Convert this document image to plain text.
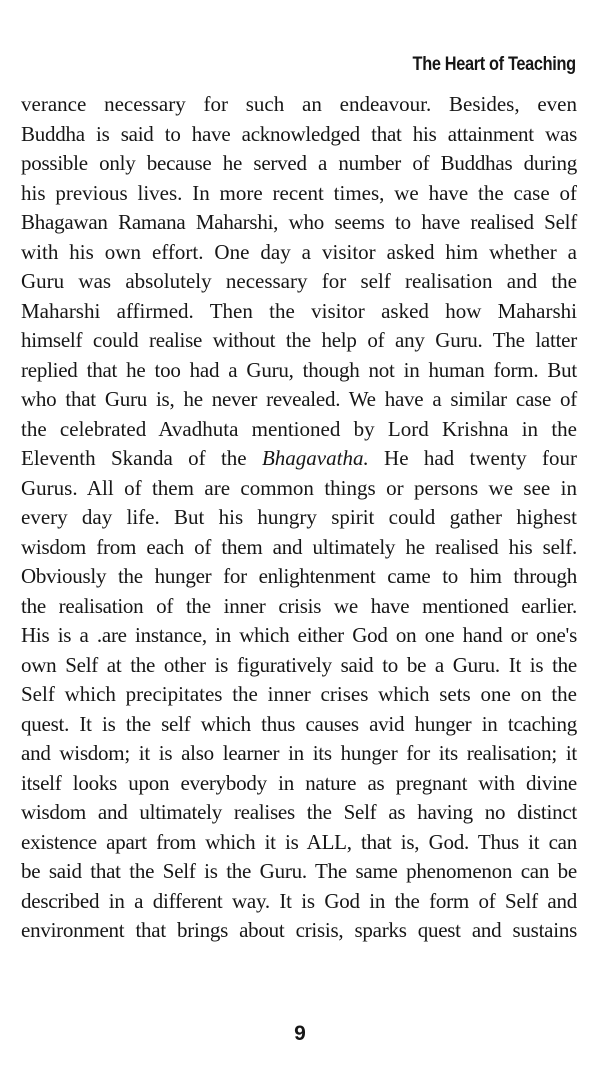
The Heart of Teaching
verance necessary for such an endeavour. Besides, even
Buddha is said to have acknowledged that his attainment was
possible only because he served a number of Buddhas during
his previous lives. In more recent times, we have the case of
Bhagawan Ramana Maharshi, who seems to have realised Self
with his own effort. One day a visitor asked him whether a
Guru was absolutely necessary for self realisation and the
Maharshi affirmed. Then the visitor asked how Maharshi
himself could realise without the help of any Guru. The latter
replied that he too had a Guru, though not in human form. But
who that Guru is, he never revealed. We have a similar case of
the celebrated Avadhuta mentioned by Lord Krishna in the
Eleventh Skanda of the Bhagavatha. He had twenty four
Gurus. All of them are common things or persons we see in
every day life. But his hungry spirit could gather highest
wisdom from each of them and ultimately he realised his self.
Obviously the hunger for enlightenment came to him through
the realisation of the inner crisis we have mentioned earlier.
His is a .are instance, in which either God on one hand or one's
own Self at the other is figuratively said to be a Guru. It is the
Self which precipitates the inner crises which sets one on the
quest. It is the self which thus causes avid hunger in tcaching
and wisdom; it is also learner in its hunger for its realisation; it
itself looks upon everybody in nature as pregnant with divine
wisdom and ultimately realises the Self as having no distinct
existence apart from which it is ALL, that is, God. Thus it can
be said that the Self is the Guru. The same phenomenon can be
described in a different way. It is God in the form of Self and
environment that brings about crisis, sparks quest and sustains
9
